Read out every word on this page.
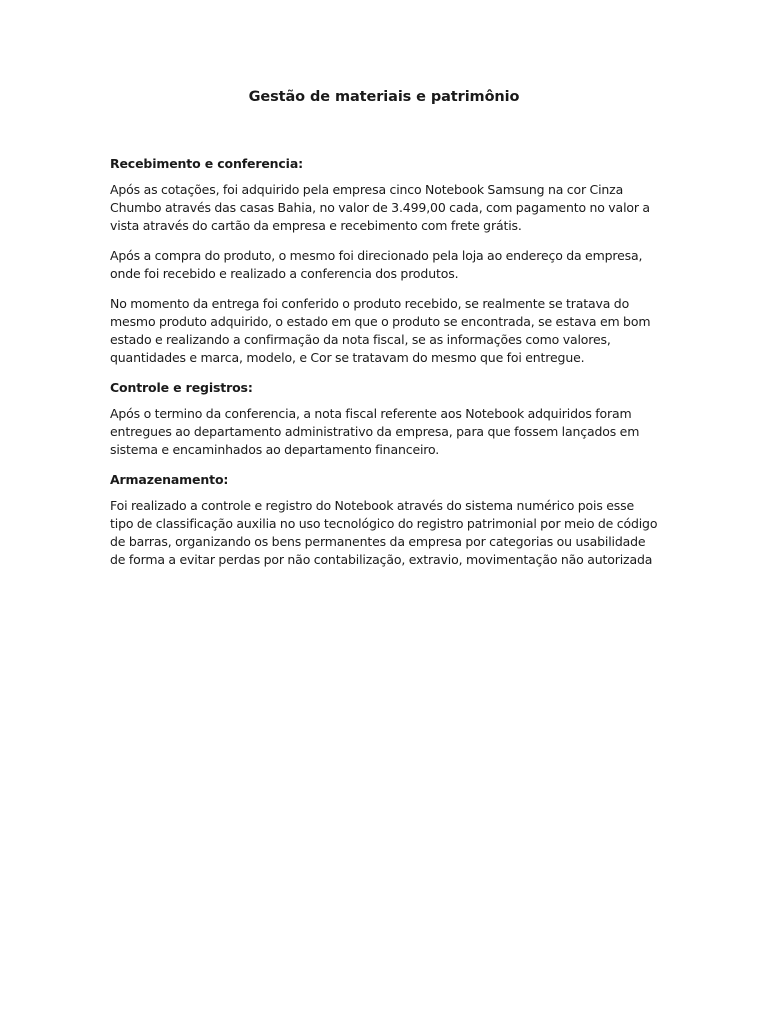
Gestão de materiais e patrimônio
Recebimento e conferencia:

Após as cotações, foi adquirido pela empresa cinco Notebook Samsung na cor Cinza Chumbo através das casas Bahia, no valor de 3.499,00 cada, com pagamento no valor a vista através do cartão da empresa e recebimento com frete grátis.

Após a compra do produto, o mesmo foi direcionado pela loja ao endereço da empresa, onde foi recebido e realizado a conferencia dos produtos.

No momento da entrega foi conferido o produto recebido, se realmente se tratava do mesmo produto adquirido, o estado em que o produto se encontrada, se estava em bom estado e realizando a confirmação da nota fiscal, se as informações como valores, quantidades e marca, modelo, e Cor se tratavam do mesmo que foi entregue.

Controle e registros:

Após o termino da conferencia, a nota fiscal referente aos Notebook adquiridos foram entregues ao departamento administrativo da empresa, para que fossem lançados em sistema e encaminhados ao departamento financeiro.

Armazenamento:

Foi realizado a controle e registro do Notebook através do sistema numérico pois esse tipo de classificação auxilia no uso tecnológico do registro patrimonial por meio de código de barras, organizando os bens permanentes da empresa por categorias ou usabilidade de forma a evitar perdas por não contabilização, extravio, movimentação não autorizada
